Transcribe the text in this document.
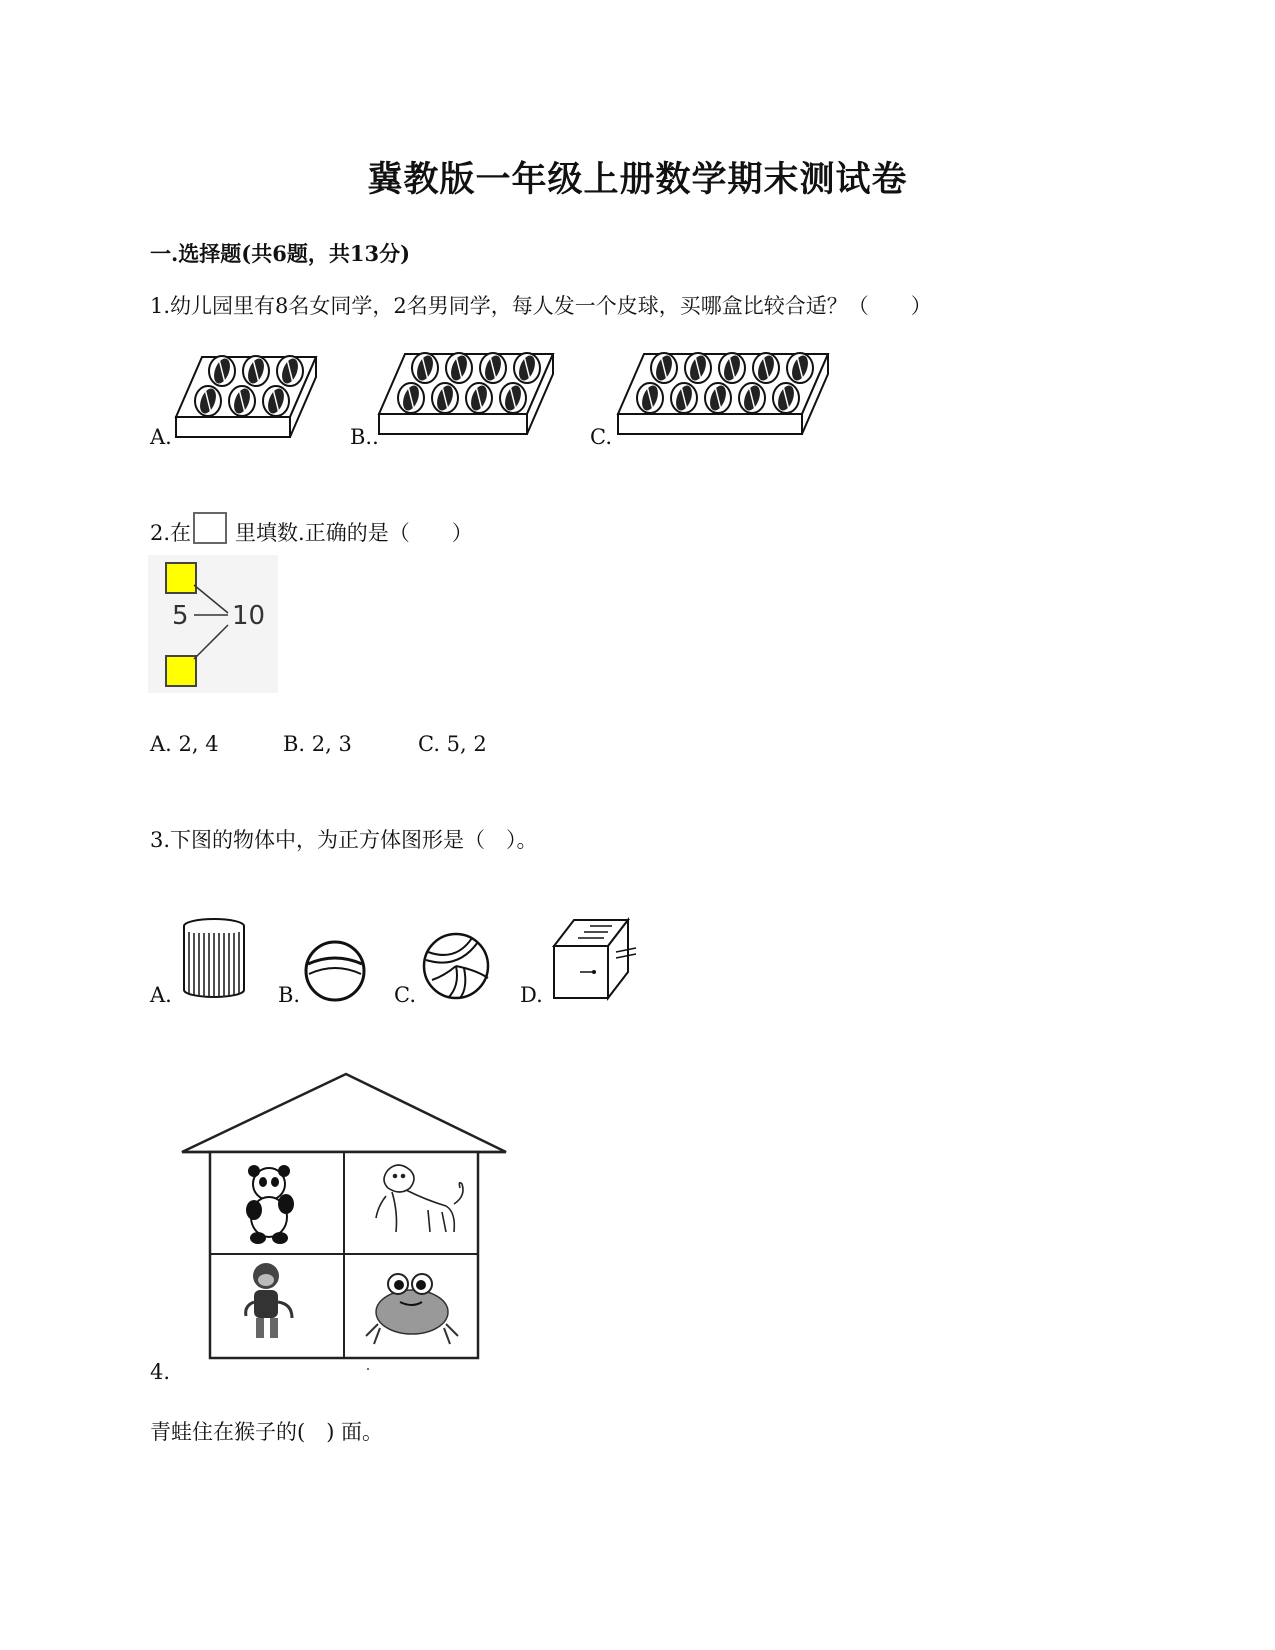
冀教版一年级上册数学期末测试卷
一.选择题(共6题，共13分)
1.幼儿园里有8名女同学，2名男同学，每人发一个皮球，买哪盒比较合适？（　　）
A.	B..	C.
2.在 里填数.正确的是（　　）
5 10
A. 2, 4	B. 2, 3	C. 5, 2
3.下图的物体中，为正方体图形是（　）。
A.	B.	C.	D.
4.
青蛙住在猴子的(　) 面。
